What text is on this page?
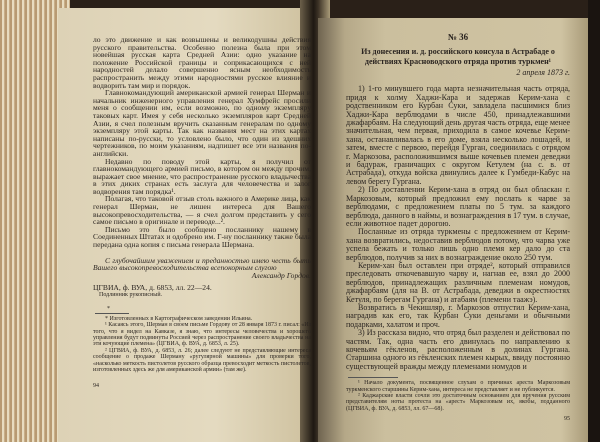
ло это движение и как возвышены и великодушны действия русского правительства. Особенно полезна была при этом новейшая русская карта Средней Азии: одно указание на положение Российской границы и соприкасающихся с ней народностей делало совершенно ясным необходимость распространить между этими народностями русское влияние и водворить там мир и порядок.

Главнокомандующий американской армией генерал Шерман и начальник инженерного управления генерал Хумфрейс просили меня о сообщении им, если возможно, по одному экземпляру таковых карт. Имея у себя несколько экземпляров карт Средней Азии, я счел полезным вручить сказанным генералам по одному экземпляру этой карты. Так как названия мест на этих картах написаны по-русски, то условлено было, что один из здешних чертежников, по моим указаниям, надпишет все эти названия по-английски.

Недавно по поводу этой карты, я получил от главнокомандующего армией письмо, в котором он между прочим, выражает свое мнение, что распространение русского владычества в этих диких странах есть заслуга для человечества и залог водворения там порядка¹.

Полагая, что таковой отзыв столь важного в Америке лица, как генерал Шерман, не лишен интереса для Вашего высокопревосходительства, — я счел долгом представить у сего самое письмо в оригинале и переводе...².

Письмо это было сообщено посланнику нашему в Соединенных Штатах и одобрено им. Г-ну посланнику также была передана одна копия с письма генерала Шермана.

С глубочайшим уважением и преданностью имею честь быть Вашего высокопревосходительства всепокорным слугою

Александр Гордов.
ЦГВИА, ф. ВУА, д. 6853, лл. 22—24.
Подлинник рукописный.
*

* Изготовленных в Картографическом заведении Ильина.

¹ Касаясь этого, Шерман в своем письме Гордову от 28 января 1873 г. писал: «Из того, что я видел на Кавказе, я знаю, что интересы человечества и хорошего управления будут подвинуты Россией через распространение своего владычества на эти кочующие племена» (ЦГВИА, ф. ВУА, д. 6853, л. 25).

² ЦГВИА, ф. ВУА, д. 6853, л. 26; далее следуют не представляющие интереса сообщение о продаже Шерману «ругулярной машины» для проверки того, «насколько меткость пистолетов русского образца превосходит меткость пистолетов, изготовленных здесь же для американской армии» (там же).

94
№ 36
Из донесения и. д. российского консула в Астрабаде о действиях Красноводского отряда против туркмен¹
2 апреля 1873 г.

1) 1-го минувшего года марта незначительная часть отряда, придя к холму Хаджи-Кара и задержав Керим-хана с родственником его Курбан Суки, завладела пасшимися близ Хаджи-Кара верблюдами в числе 450, принадлежавшими джафарбаям. На следующий день другая часть отряда, еще менее значительная, чем первая, приходила в самое кочевье Керим-хана, останавливалась в его доме, взяла несколько лошадей, и затем, вместе с первою, перейдя Гурган, соединилась с отрядом г. Маркозова, расположившимся выше кочевьев племен деведжи и бадураж, граничащих с округом Кетулем (на с. в. от Астрабада), откуда войска двинулись далее к Гумбеди-Кабус на левом берегу Гургана.

2) По доставлении Керим-хана в отряд он был обласкан г. Маркозовым, который предложил ему послать к чарве за верблюдами, с предложением платы по 5 тум. за каждого верблюда, данного в наймы, и вознаграждения в 17 тум. в случае, если животное падет дорогою.

Посланные из отряда туркмены с предложением от Керим-хана возвратились, недоставив верблюдов потому, что чарва уже успела бежать и только лишь одно племя кер дало до ста верблюдов, получив за них в вознаграждение около 250 тум.

Керим-хан был оставлен при отряде², который отправился преследовать откочевавшую чарву и, нагнав ее, взял до 2000 верблюдов, принадлежащих различным племенам номудов, джафарбаям (для на В. от Астрабада, деведжи в окрестностях Кетуля, по берегам Гургана) и атабаям (племени таажэ).

Возвратись в Чекишляр, г. Маркозов отпустил Керим-хана, наградив как его, так Курбан Суки деньгами и обычными подарками, халатом и проч.

3) Из рассказа видно, что отряд был разделен и действовал по частям. Так, одна часть его двинулась по направлению к кочевьям гёкленов, расположенным в долинах Гургана. Старшина одного из гёкленских племен кырых, ввиду постоянно существующей вражды между племенами номудов и

¹ Начало документа, посвященное слухам о причинах ареста Маркозовым туркменского старшины Керим-хана, интереса не представляет и не публикуется.

² Каджарские власти сочли это достаточным основанием для вручения русским представителям ноты протеста на «арест» Маркозовым их, якобы, подданного (ЦГВИА, ф. ВУА, д. 6853, лл. 67—68).

95
